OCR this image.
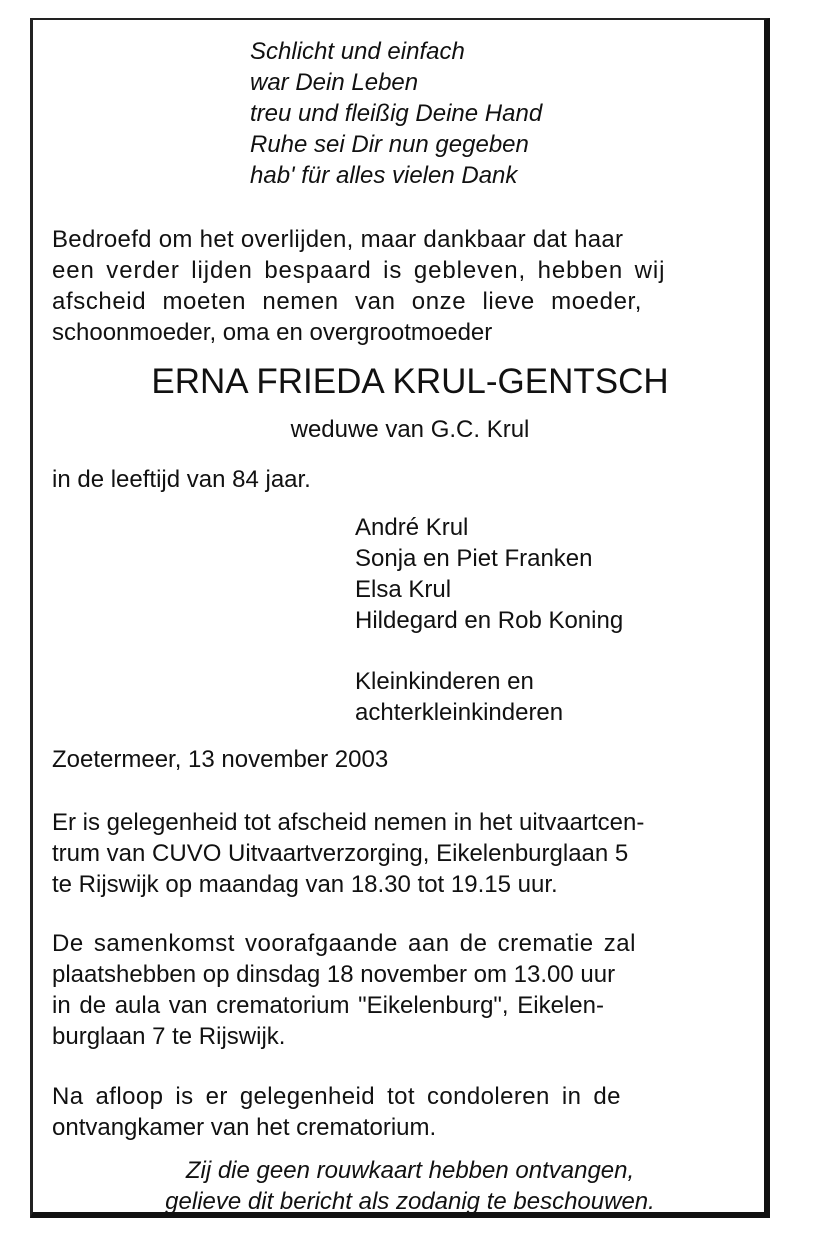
Schlicht und einfach
war Dein Leben
treu und fleißig Deine Hand
Ruhe sei Dir nun gegeben
hab' für alles vielen Dank
Bedroefd om het overlijden, maar dankbaar dat haar
een verder lijden bespaard is gebleven, hebben wij
afscheid moeten nemen van onze lieve moeder,
schoonmoeder, oma en overgrootmoeder
ERNA FRIEDA KRUL-GENTSCH
weduwe van G.C. Krul
in de leeftijd van 84 jaar.
André Krul
Sonja en Piet Franken
Elsa Krul
Hildegard en Rob Koning
Kleinkinderen en
achterkleinkinderen
Zoetermeer, 13 november 2003
Er is gelegenheid tot afscheid nemen in het uitvaartcen-
trum van CUVO Uitvaartverzorging, Eikelenburglaan 5
te Rijswijk op maandag van 18.30 tot 19.15 uur.
De samenkomst voorafgaande aan de crematie zal
plaatshebben op dinsdag 18 november om 13.00 uur
in de aula van crematorium "Eikelenburg", Eikelen-
burglaan 7 te Rijswijk.
Na afloop is er gelegenheid tot condoleren in de
ontvangkamer van het crematorium.
Zij die geen rouwkaart hebben ontvangen,
gelieve dit bericht als zodanig te beschouwen.
